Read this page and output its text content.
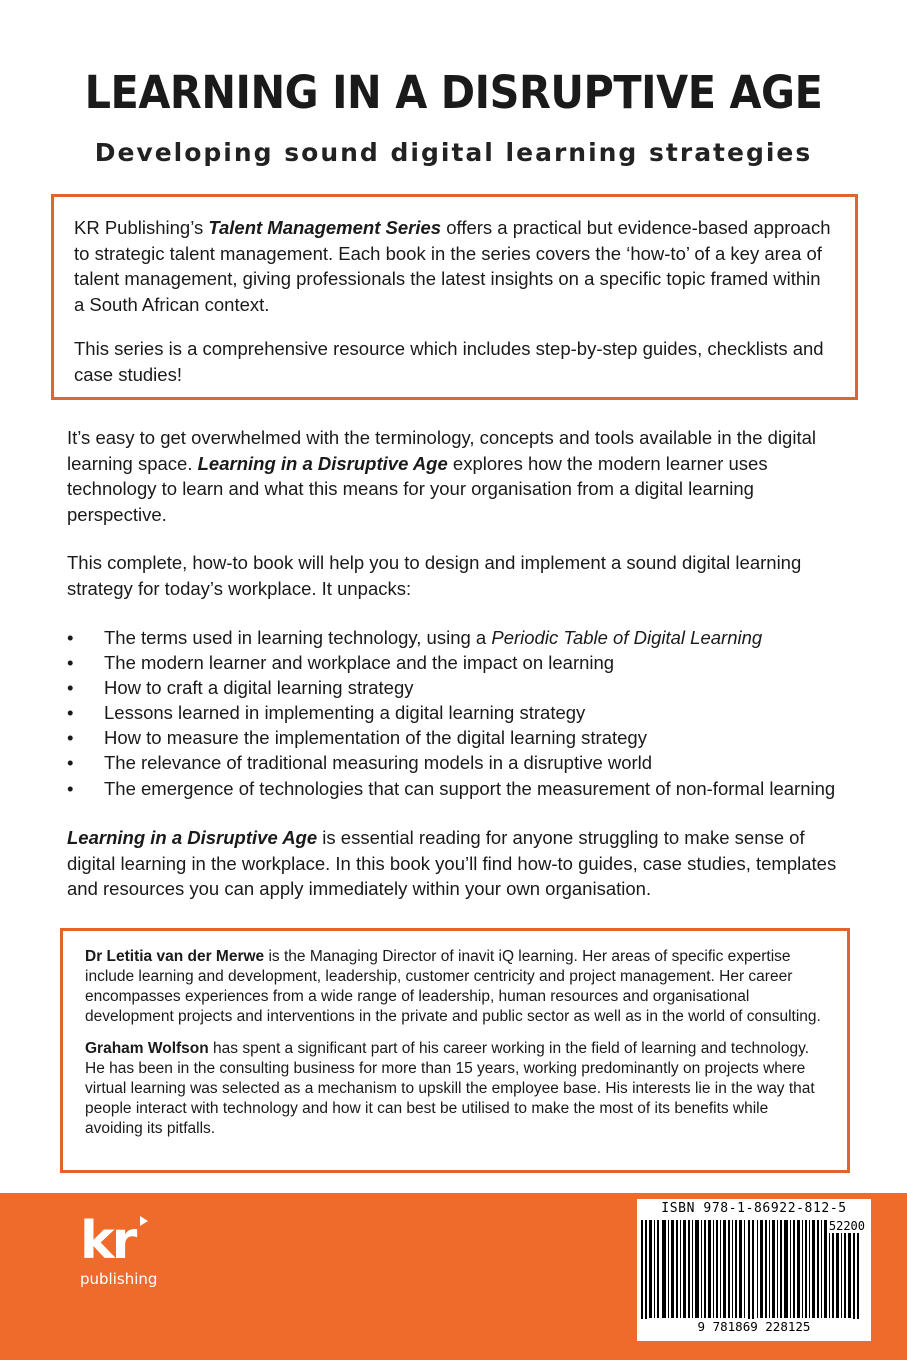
LEARNING IN A DISRUPTIVE AGE
Developing sound digital learning strategies

KR Publishing’s Talent Management Series offers a practical but evidence-based approach to strategic talent management. Each book in the series covers the ‘how-to’ of a key area of talent management, giving professionals the latest insights on a specific topic framed within a South African context.

This series is a comprehensive resource which includes step-by-step guides, checklists and case studies!

It’s easy to get overwhelmed with the terminology, concepts and tools available in the digital learning space. Learning in a Disruptive Age explores how the modern learner uses technology to learn and what this means for your organisation from a digital learning perspective.

This complete, how-to book will help you to design and implement a sound digital learning strategy for today’s workplace. It unpacks:

• The terms used in learning technology, using a Periodic Table of Digital Learning
• The modern learner and workplace and the impact on learning
• How to craft a digital learning strategy
• Lessons learned in implementing a digital learning strategy
• How to measure the implementation of the digital learning strategy
• The relevance of traditional measuring models in a disruptive world
• The emergence of technologies that can support the measurement of non-formal learning

Learning in a Disruptive Age is essential reading for anyone struggling to make sense of digital learning in the workplace. In this book you’ll find how-to guides, case studies, templates and resources you can apply immediately within your own organisation.

Dr Letitia van der Merwe is the Managing Director of inavit iQ learning. Her areas of specific expertise include learning and development, leadership, customer centricity and project management. Her career encompasses experiences from a wide range of leadership, human resources and organisational development projects and interventions in the private and public sector as well as in the world of consulting.

Graham Wolfson has spent a significant part of his career working in the field of learning and technology. He has been in the consulting business for more than 15 years, working predominantly on projects where virtual learning was selected as a mechanism to upskill the employee base. His interests lie in the way that people interact with technology and how it can best be utilised to make the most of its benefits while avoiding its pitfalls.

kr
publishing
ISBN 978-1-86922-812-5
52200
9 781869 228125
